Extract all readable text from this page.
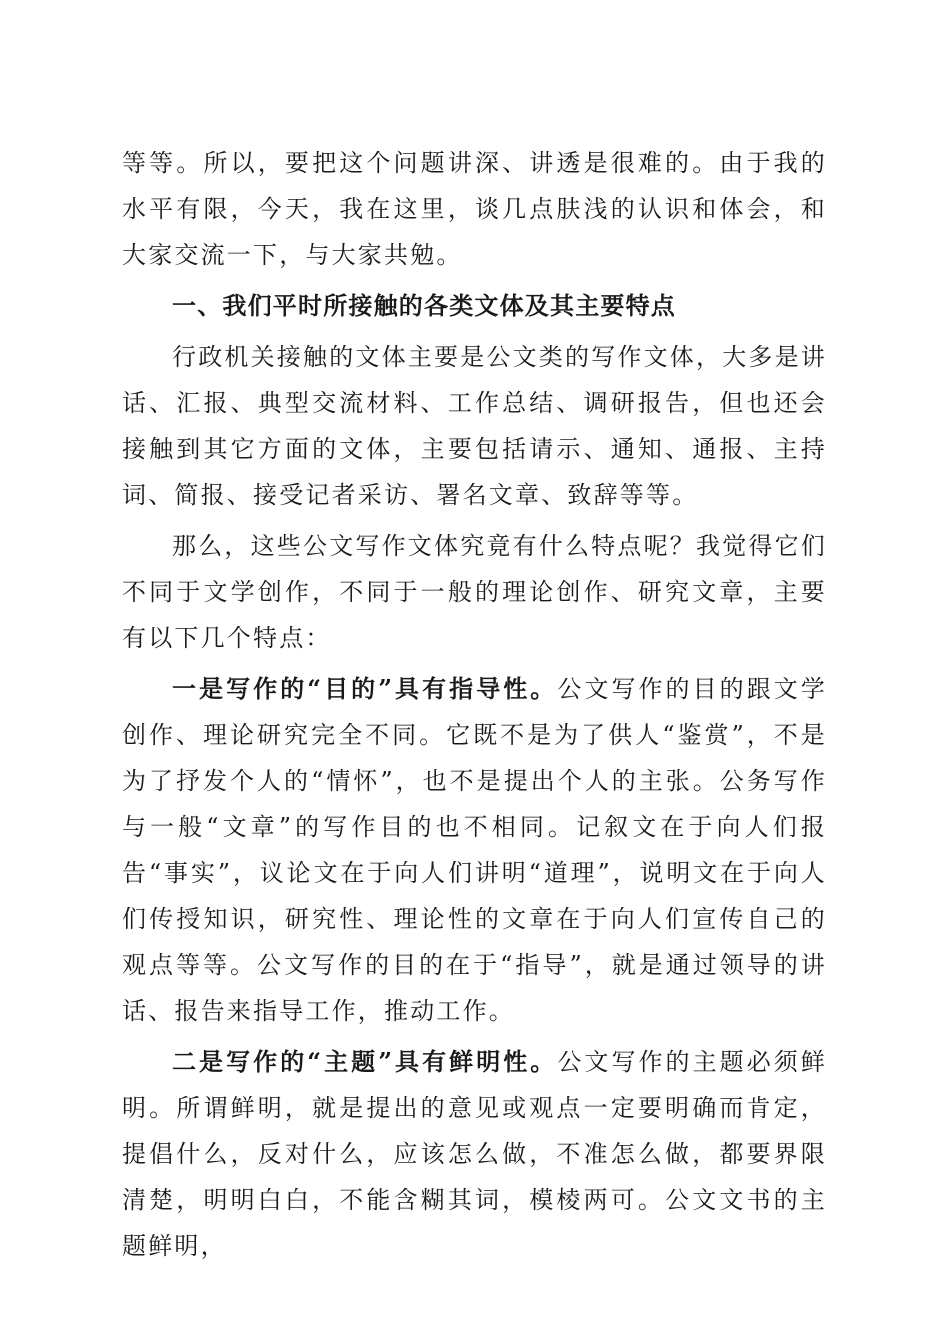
等等。所以，要把这个问题讲深、讲透是很难的。由于我的水平有限，今天，我在这里，谈几点肤浅的认识和体会，和大家交流一下，与大家共勉。

一、我们平时所接触的各类文体及其主要特点

行政机关接触的文体主要是公文类的写作文体，大多是讲话、汇报、典型交流材料、工作总结、调研报告，但也还会接触到其它方面的文体，主要包括请示、通知、通报、主持词、简报、接受记者采访、署名文章、致辞等等。

那么，这些公文写作文体究竟有什么特点呢？我觉得它们不同于文学创作，不同于一般的理论创作、研究文章，主要有以下几个特点：

一是写作的“目的”具有指导性。公文写作的目的跟文学创作、理论研究完全不同。它既不是为了供人“鉴赏”，不是为了抒发个人的“情怀”，也不是提出个人的主张。公务写作与一般“文章”的写作目的也不相同。记叙文在于向人们报告“事实”，议论文在于向人们讲明“道理”，说明文在于向人们传授知识，研究性、理论性的文章在于向人们宣传自己的观点等等。公文写作的目的在于“指导”，就是通过领导的讲话、报告来指导工作，推动工作。

二是写作的“主题”具有鲜明性。公文写作的主题必须鲜明。所谓鲜明，就是提出的意见或观点一定要明确而肯定，提倡什么，反对什么，应该怎么做，不准怎么做，都要界限清楚，明明白白，不能含糊其词，模棱两可。公文文书的主题鲜明，
